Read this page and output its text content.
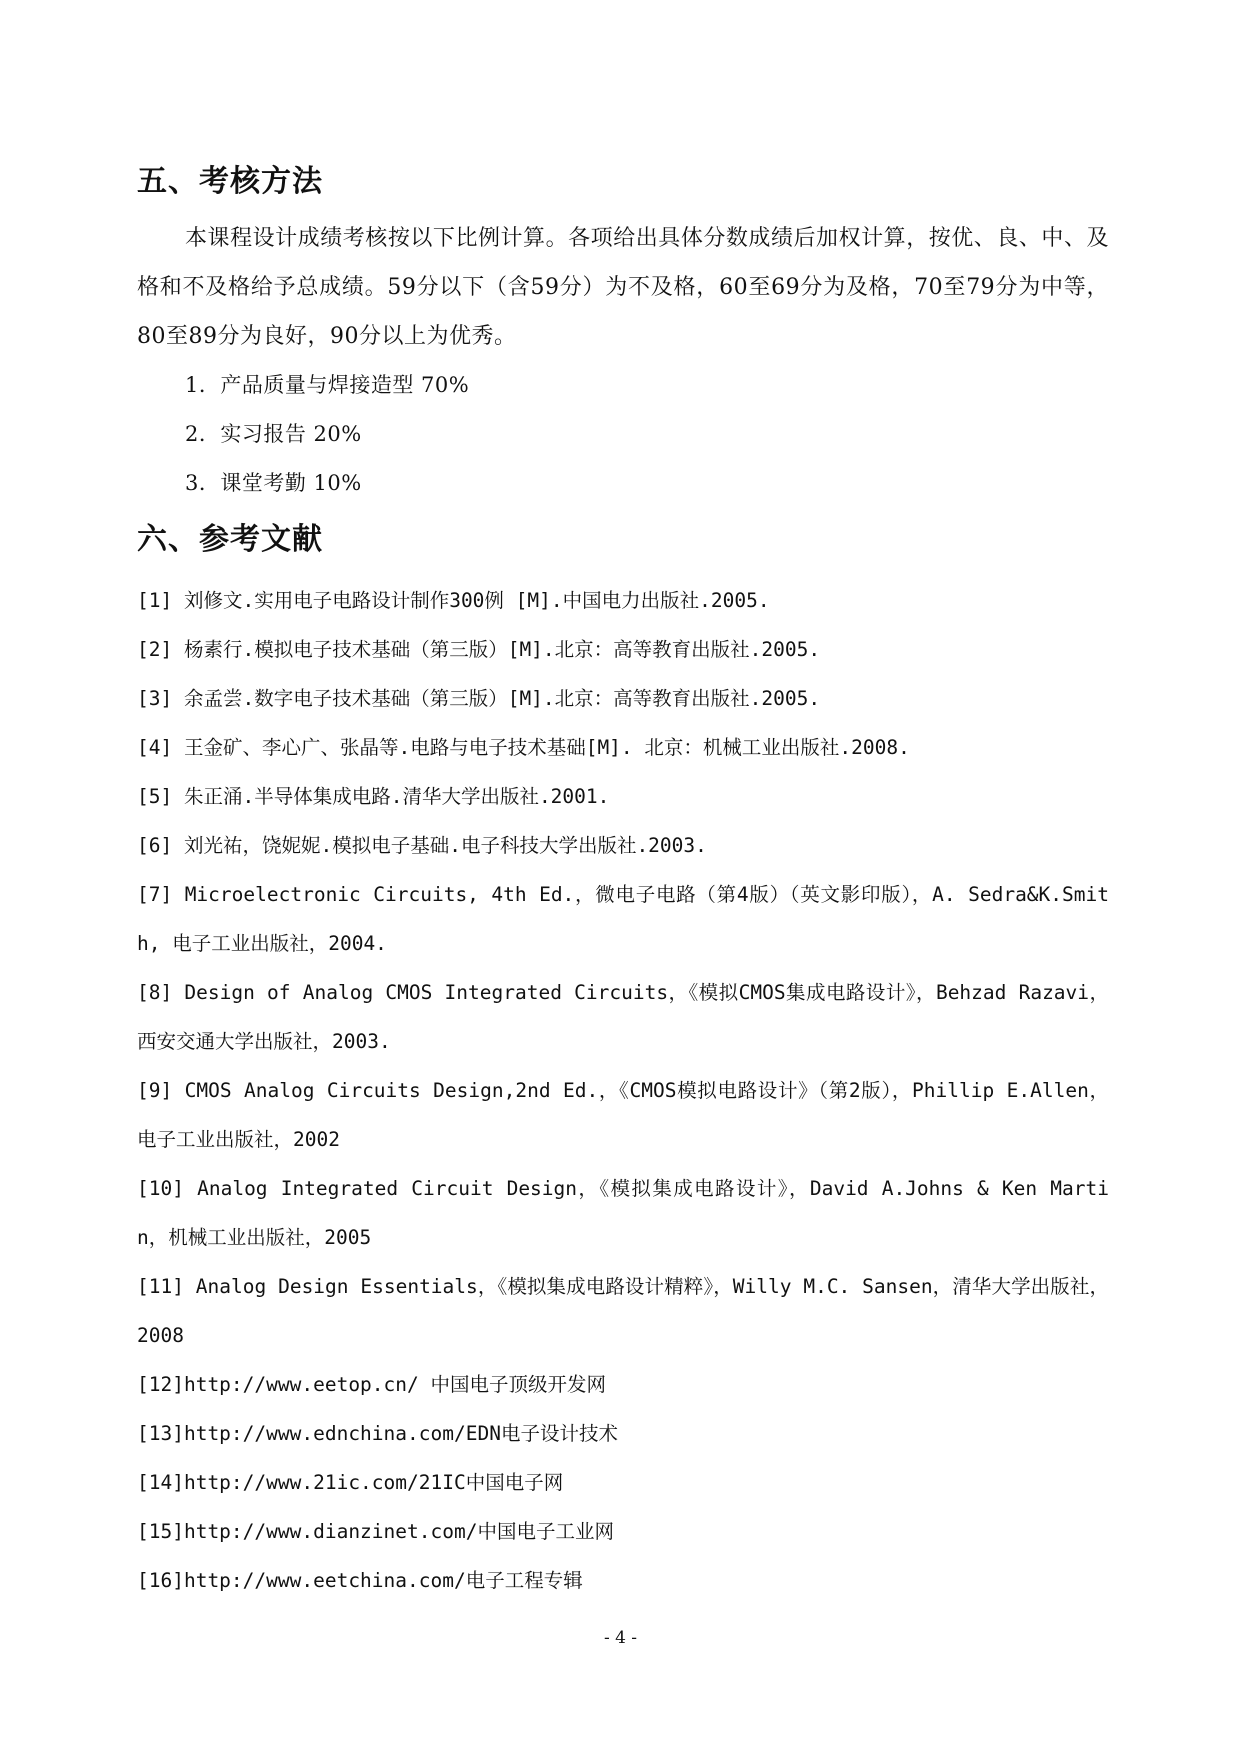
五、考核方法

本课程设计成绩考核按以下比例计算。各项给出具体分数成绩后加权计算，按优、良、中、及格和不及格给予总成绩。59分以下（含59分）为不及格，60至69分为及格，70至79分为中等，80至89分为良好，90分以上为优秀。

1．产品质量与焊接造型 70%

2．实习报告 20%

3．课堂考勤 10%

六、参考文献

[1] 刘修文.实用电子电路设计制作300例 [M].中国电力出版社.2005.

[2] 杨素行.模拟电子技术基础（第三版）[M].北京：高等教育出版社.2005.

[3] 余孟尝.数字电子技术基础（第三版）[M].北京：高等教育出版社.2005.

[4] 王金矿、李心广、张晶等.电路与电子技术基础[M]. 北京：机械工业出版社.2008.

[5] 朱正涌.半导体集成电路.清华大学出版社.2001.

[6] 刘光祐，饶妮妮.模拟电子基础.电子科技大学出版社.2003.

[7] Microelectronic Circuits, 4th Ed.，微电子电路（第4版）（英文影印版），A. Sedra&K.Smith, 电子工业出版社，2004.

[8] Design of Analog CMOS Integrated Circuits，《模拟CMOS集成电路设计》，Behzad Razavi，西安交通大学出版社，2003.

[9] CMOS Analog Circuits Design,2nd Ed.，《CMOS模拟电路设计》（第2版），Phillip E.Allen，电子工业出版社，2002

[10] Analog Integrated Circuit Design，《模拟集成电路设计》，David A.Johns & Ken Martin，机械工业出版社，2005

[11] Analog Design Essentials，《模拟集成电路设计精粹》，Willy M.C. Sansen，清华大学出版社，2008

[12]http://www.eetop.cn/ 中国电子顶级开发网

[13]http://www.ednchina.com/EDN电子设计技术

[14]http://www.21ic.com/21IC中国电子网

[15]http://www.dianzinet.com/中国电子工业网

[16]http://www.eetchina.com/电子工程专辑

- 4 -
